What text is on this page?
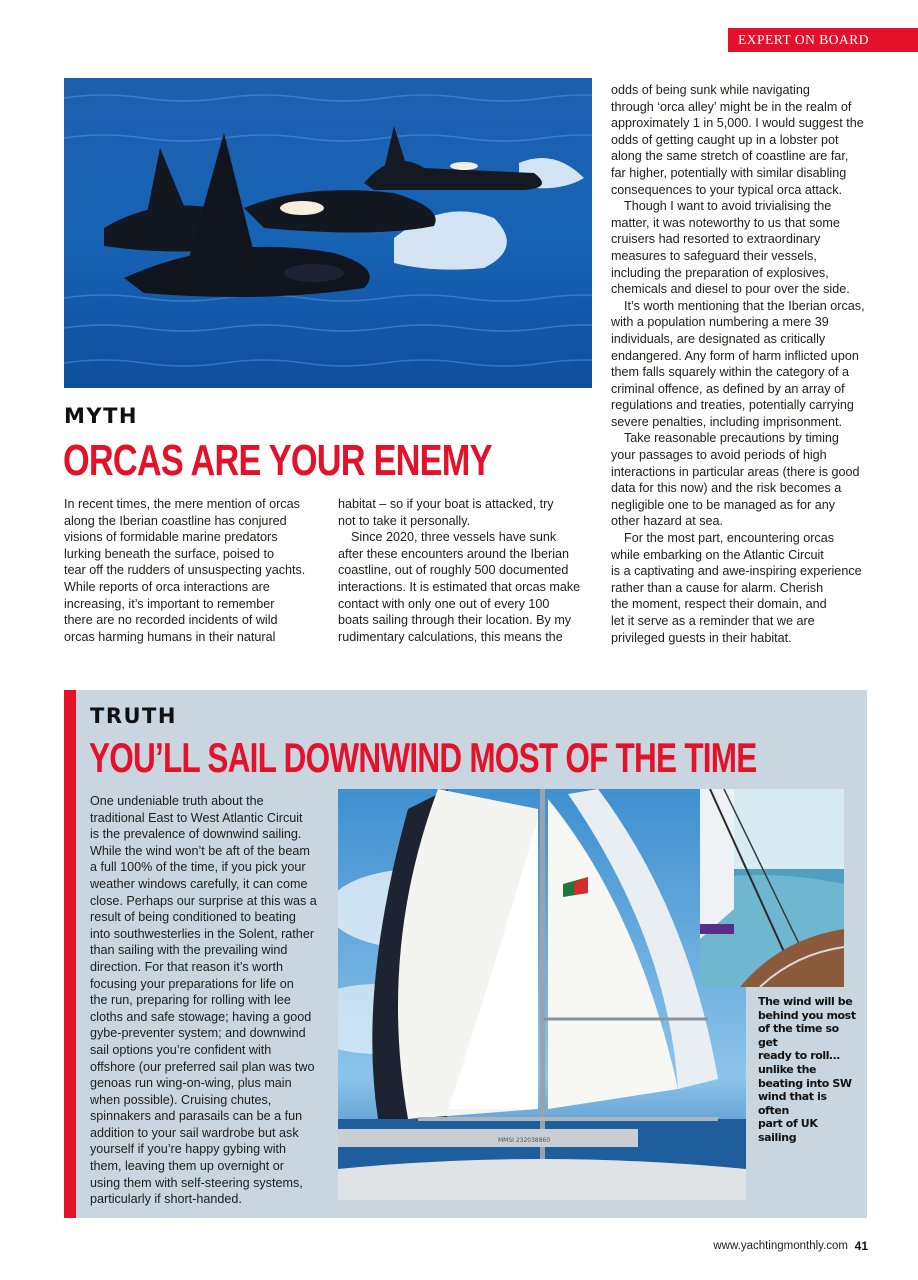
EXPERT ON BOARD
MYTH
ORCAS ARE YOUR ENEMY

In recent times, the mere mention of orcas

along the Iberian coastline has conjured

visions of formidable marine predators

lurking beneath the surface, poised to

tear off the rudders of unsuspecting yachts.

While reports of orca interactions are

increasing, it’s important to remember

there are no recorded incidents of wild

orcas harming humans in their natural

habitat – so if your boat is attacked, try

not to take it personally.

Since 2020, three vessels have sunk

after these encounters around the Iberian

coastline, out of roughly 500 documented

interactions. It is estimated that orcas make

contact with only one out of every 100

boats sailing through their location. By my

rudimentary calculations, this means the

odds of being sunk while navigating

through ‘orca alley’ might be in the realm of

approximately 1 in 5,000. I would suggest the

odds of getting caught up in a lobster pot

along the same stretch of coastline are far,

far higher, potentially with similar disabling

consequences to your typical orca attack.

Though I want to avoid trivialising the

matter, it was noteworthy to us that some

cruisers had resorted to extraordinary

measures to safeguard their vessels,

including the preparation of explosives,

chemicals and diesel to pour over the side.

It’s worth mentioning that the Iberian orcas,

with a population numbering a mere 39

individuals, are designated as critically

endangered. Any form of harm inflicted upon

them falls squarely within the category of a

criminal offence, as defined by an array of

regulations and treaties, potentially carrying

severe penalties, including imprisonment.

Take reasonable precautions by timing

your passages to avoid periods of high

interactions in particular areas (there is good

data for this now) and the risk becomes a

negligible one to be managed as for any

other hazard at sea.

For the most part, encountering orcas

while embarking on the Atlantic Circuit

is a captivating and awe-inspiring experience

rather than a cause for alarm. Cherish

the moment, respect their domain, and

let it serve as a reminder that we are

privileged guests in their habitat.

TRUTH
YOU’LL SAIL DOWNWIND MOST OF THE TIME

One undeniable truth about the

traditional East to West Atlantic Circuit

is the prevalence of downwind sailing.

While the wind won’t be aft of the beam

a full 100% of the time, if you pick your

weather windows carefully, it can come

close. Perhaps our surprise at this was a

result of being conditioned to beating

into southwesterlies in the Solent, rather

than sailing with the prevailing wind

direction. For that reason it’s worth

focusing your preparations for life on

the run, preparing for rolling with lee

cloths and safe stowage; having a good

gybe-preventer system; and downwind

sail options you’re confident with

offshore (our preferred sail plan was two

genoas run wing-on-wing, plus main

when possible). Cruising chutes,

spinnakers and parasails can be a fun

addition to your sail wardrobe but ask

yourself if you’re happy gybing with

them, leaving them up overnight or

using them with self-steering systems,

particularly if short-handed.

MMSI 232038860
The wind will be
behind you most
of the time so get
ready to roll…
unlike the
beating into SW
wind that is often
part of UK sailing
www.yachtingmonthly.com 41
